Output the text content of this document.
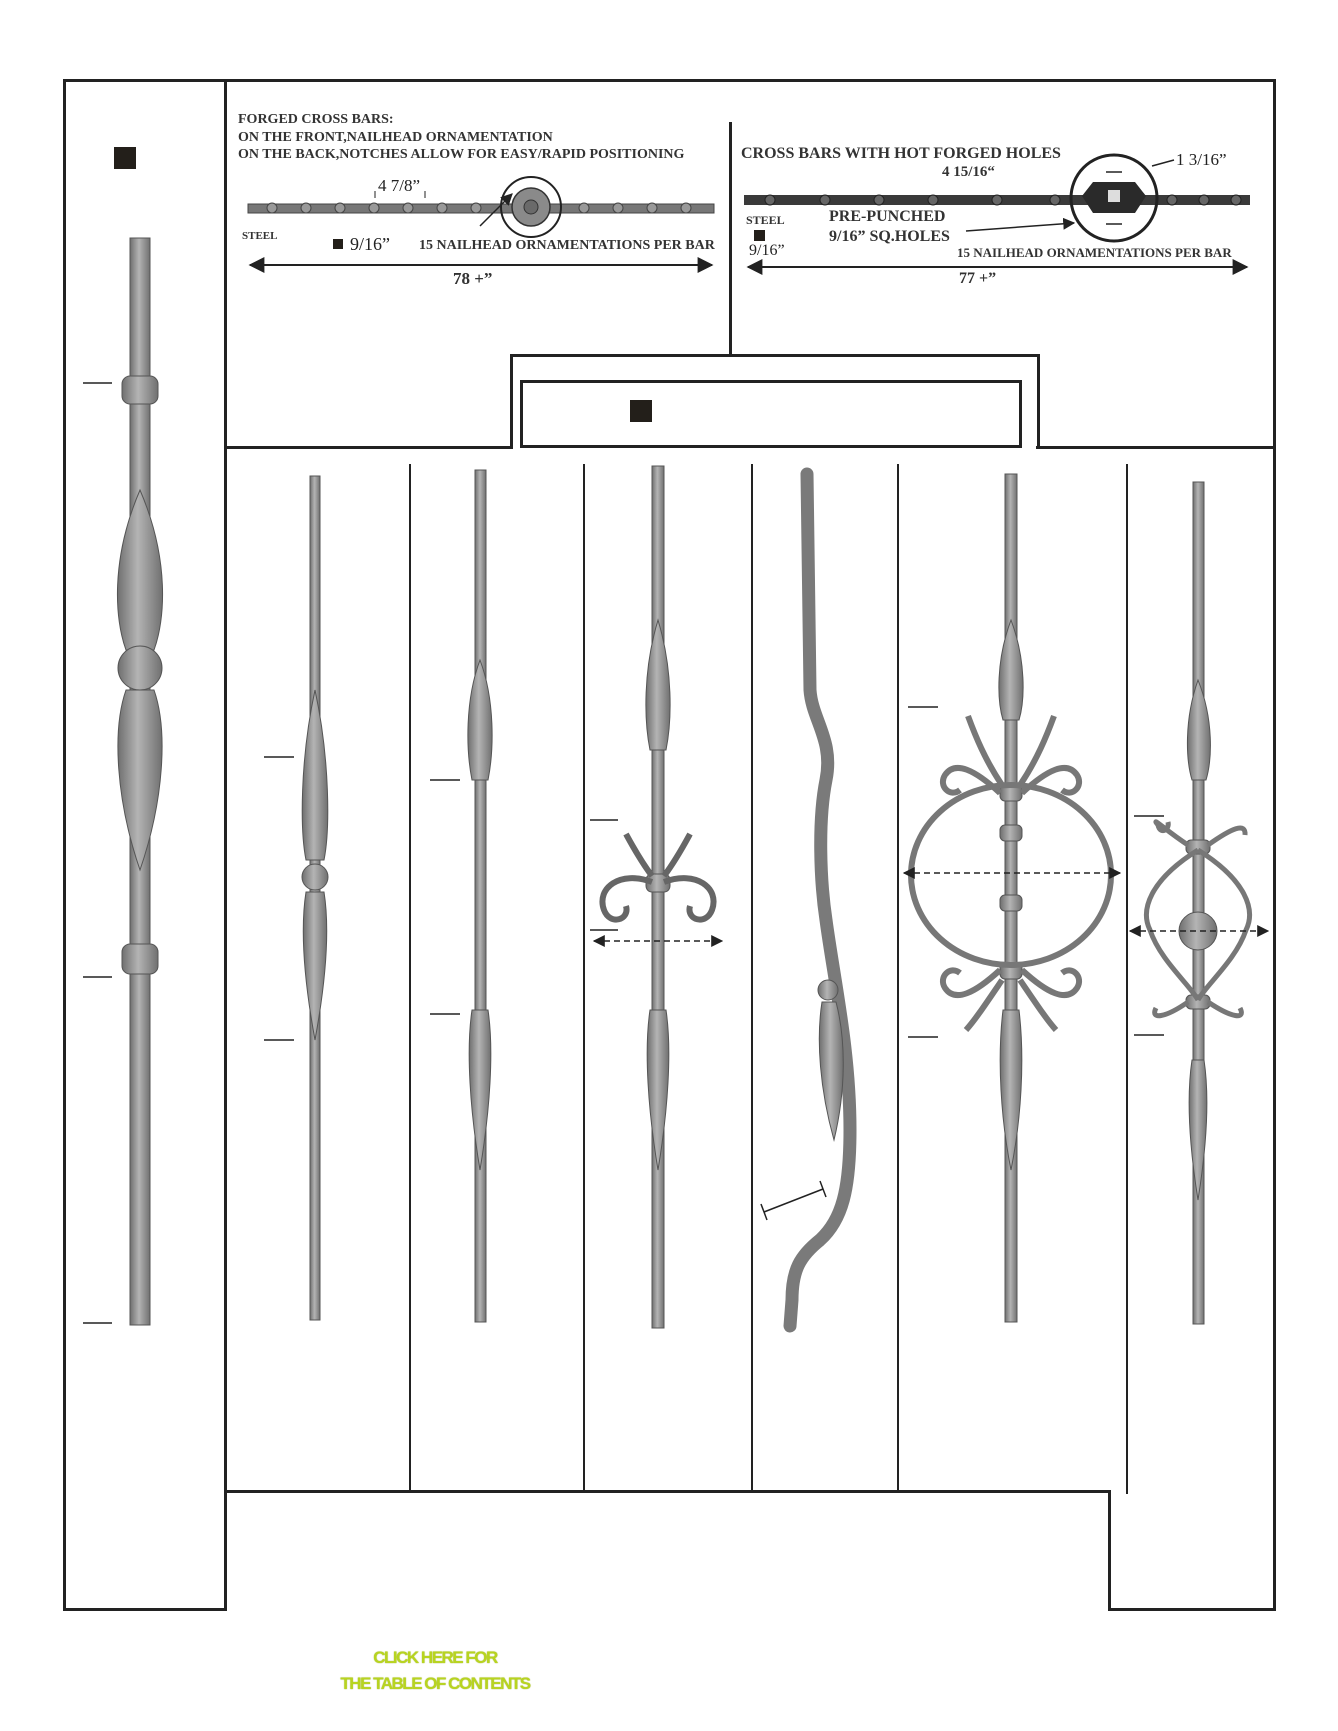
FORGED CROSS BARS:
ON THE FRONT,NAILHEAD ORNAMENTATION
ON THE BACK,NOTCHES ALLOW FOR EASY/RAPID POSITIONING
4 7/8”
STEEL	9/16” 15 NAILHEAD ORNAMENTATIONS PER BAR
78 +”
CROSS BARS WITH HOT FORGED HOLES
4 15/16“
1 3/16”
STEEL
9/16”
PRE-PUNCHED
9/16” SQ.HOLES
15 NAILHEAD ORNAMENTATIONS PER BAR
77 +”
CLICK HERE FOR
THE TABLE OF CONTENTS
